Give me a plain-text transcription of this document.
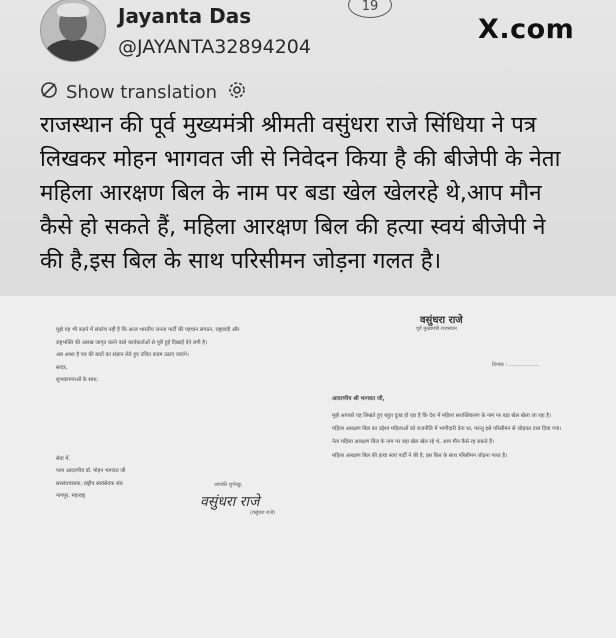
Jayanta Das
@JAYANTA32894204
19
X.com
Show translation
राजस्थान की पूर्व मुख्यमंत्री श्रीमती वसुंधरा राजे सिंधिया ने पत्र
लिखकर मोहन भागवत जी से निवेदन किया है की बीजेपी के नेता
महिला आरक्षण बिल के नाम पर बडा खेल खेलरहे थे,आप मौन
कैसे हो सकते हैं, महिला आरक्षण बिल की हत्या स्वयं बीजेपी ने
की है,इस बिल के साथ परिसीमन जोड़ना गलत है।

मुझे यह भी कहने में संकोच नहीं है कि आज भारतीय जनता पार्टी की पहचान संगठन, राष्ट्रवादी और

राष्ट्रभक्ति की अलख जागृत करने वाले कार्यकर्ताओं से पूरी हुई दिखाई देने लगी है।

अब आशा है पत्र की बातों का संज्ञान लेते हुए उचित कदम उठाए जाएंगे।

सादर,

शुभकामनाओं के साथ,

सेवा में,

परम आदरणीय डॉ. मोहन भागवत जी

सरसंघचालक, राष्ट्रीय स्वयंसेवक संघ

नागपुर, महाराष्ट्र

वसुंधरा राजे
पूर्व मुख्यमंत्री राजस्थान
दिनांक : ...................
आदरणीय श्री भागवत जी,

मुझे आपको यह लिखते हुए बहुत दुःख हो रहा है कि देश में महिला सशक्तिकरण के नाम पर बड़ा खेल खेला जा रहा है।

महिला आरक्षण बिल का उद्देश्य महिलाओं को राजनीति में भागीदारी देना था, परन्तु इसे परिसीमन से जोड़कर टाल दिया गया।

नेता महिला आरक्षण बिल के नाम पर बड़ा खेल खेल रहे थे, आप मौन कैसे रह सकते हैं।

महिला आरक्षण बिल की हत्या स्वयं पार्टी ने की है, इस बिल के साथ परिसीमन जोड़ना गलत है।

आपकी शुभेच्छु,
वसुंधरा राजे
(वसुंधरा राजे)
